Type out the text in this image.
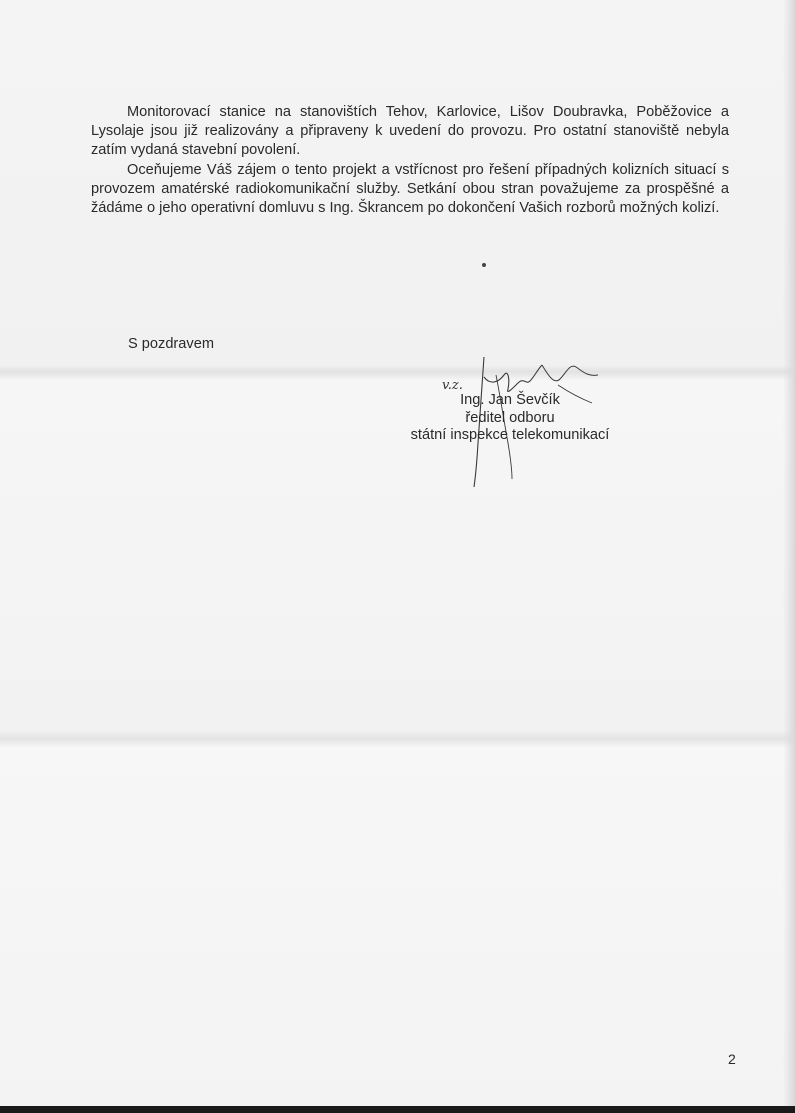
Monitorovací stanice na stanovištích Tehov, Karlovice, Lišov Doubravka, Poběžovice a Lysolaje jsou již realizovány a připraveny k uvedení do provozu. Pro ostatní stanoviště nebyla zatím vydaná stavební povolení.

Oceňujeme Váš zájem o tento projekt a vstřícnost pro řešení případných kolizních situací s provozem amatérské radiokomunikační služby. Setkání obou stran považujeme za prospěšné a žádáme o jeho operativní domluvu s Ing. Škrancem po dokončení Vašich rozborů možných kolizí.

S pozdravem
v.z.
Ing. Jan Ševčík
ředitel odboru
státní inspekce telekomunikací
2
